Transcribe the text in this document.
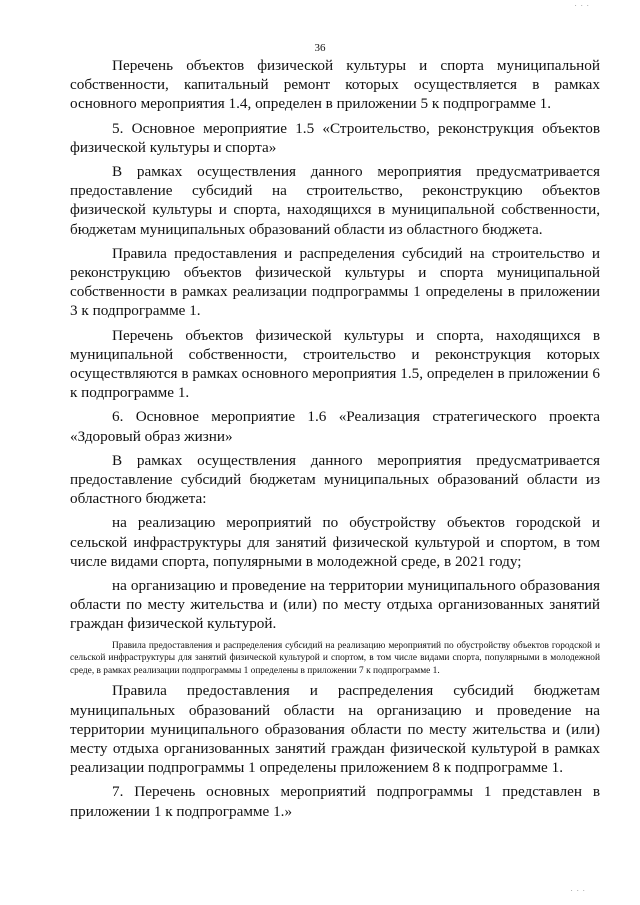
· · ·
36

Перечень объектов физической культуры и спорта муниципальной собственности, капитальный ремонт которых осуществляется в рамках основного мероприятия 1.4, определен в приложении 5 к подпрограмме 1.

5. Основное мероприятие 1.5 «Строительство, реконструкция объектов физической культуры и спорта»

В рамках осуществления данного мероприятия предусматривается предоставление субсидий на строительство, реконструкцию объектов физической культуры и спорта, находящихся в муниципальной собственности, бюджетам муниципальных образований области из областного бюджета.

Правила предоставления и распределения субсидий на строительство и реконструкцию объектов физической культуры и спорта муниципальной собственности в рамках реализации подпрограммы 1 определены в приложении 3 к подпрограмме 1.

Перечень объектов физической культуры и спорта, находящихся в муниципальной собственности, строительство и реконструкция которых осуществляются в рамках основного мероприятия 1.5, определен в приложении 6 к подпрограмме 1.

6. Основное мероприятие 1.6 «Реализация стратегического проекта «Здоровый образ жизни»

В рамках осуществления данного мероприятия предусматривается предоставление субсидий бюджетам муниципальных образований области из областного бюджета:

на реализацию мероприятий по обустройству объектов городской и сельской инфраструктуры для занятий физической культурой и спортом, в том числе видами спорта, популярными в молодежной среде, в 2021 году;

на организацию и проведение на территории муниципального образования области по месту жительства и (или) по месту отдыха организованных занятий граждан физической культурой.

Правила предоставления и распределения субсидий на реализацию мероприятий по обустройству объектов городской и сельской инфраструктуры для занятий физической культурой и спортом, в том числе видами спорта, популярными в молодежной среде, в рамках реализации подпрограммы 1 определены в приложении 7 к подпрограмме 1.

Правила предоставления и распределения субсидий бюджетам муниципальных образований области на организацию и проведение на территории муниципального образования области по месту жительства и (или) месту отдыха организованных занятий граждан физической культурой в рамках реализации подпрограммы 1 определены приложением 8 к подпрограмме 1.

7. Перечень основных мероприятий подпрограммы 1 представлен в приложении 1 к подпрограмме 1.»

· · ·
